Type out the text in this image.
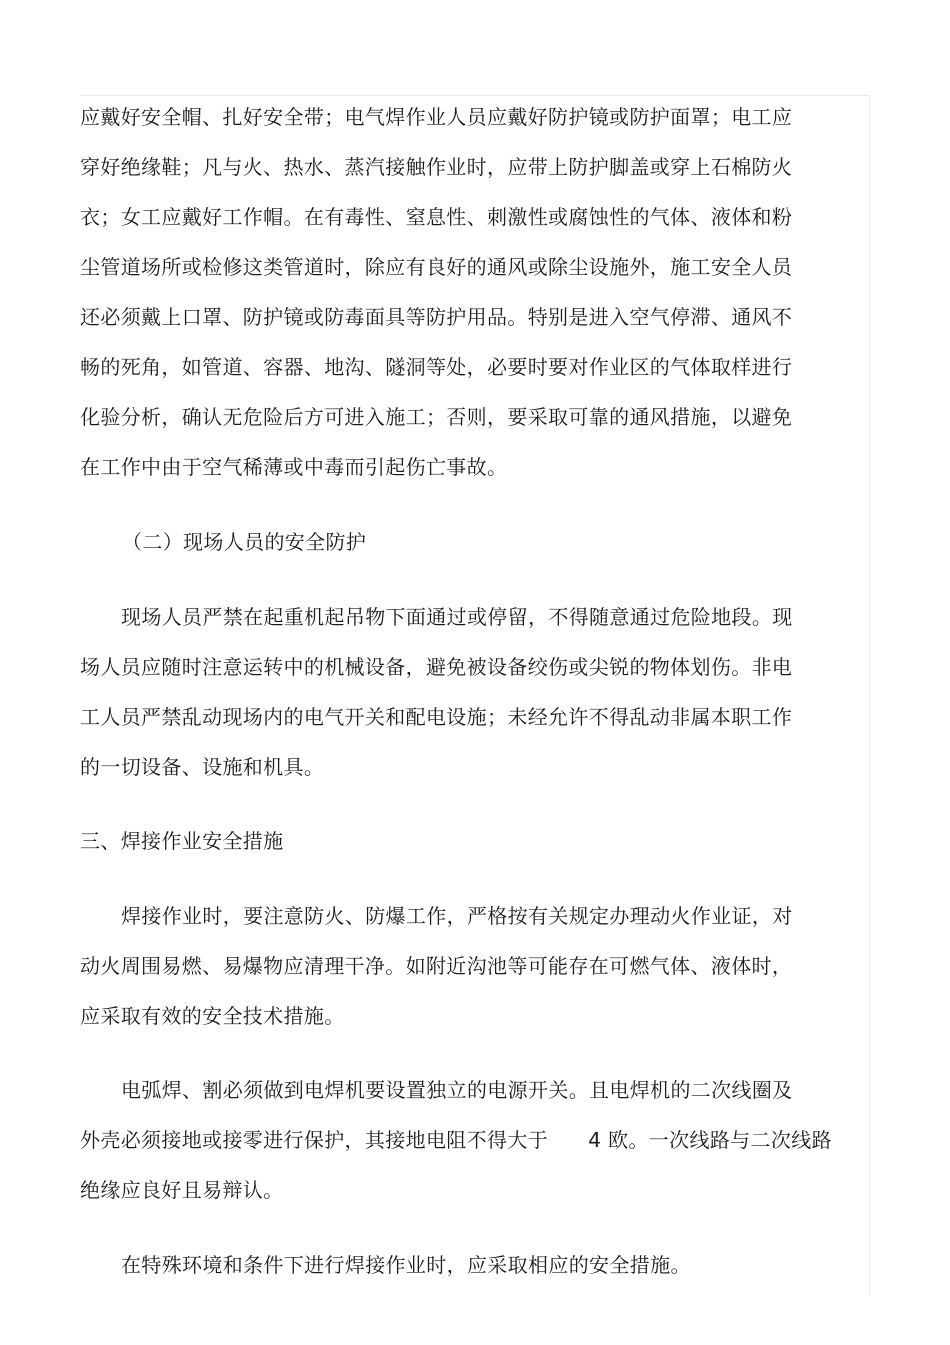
应戴好安全帽、扎好安全带；电气焊作业人员应戴好防护镜或防护面罩；电工应
穿好绝缘鞋；凡与火、热水、蒸汽接触作业时，应带上防护脚盖或穿上石棉防火
衣；女工应戴好工作帽。在有毒性、窒息性、刺激性或腐蚀性的气体、液体和粉
尘管道场所或检修这类管道时，除应有良好的通风或除尘设施外，施工安全人员
还必须戴上口罩、防护镜或防毒面具等防护用品。特别是进入空气停滞、通风不
畅的死角，如管道、容器、地沟、隧洞等处，必要时要对作业区的气体取样进行
化验分析，确认无危险后方可进入施工；否则，要采取可靠的通风措施，以避免
在工作中由于空气稀薄或中毒而引起伤亡事故。
（二）现场人员的安全防护
现场人员严禁在起重机起吊物下面通过或停留，不得随意通过危险地段。现
场人员应随时注意运转中的机械设备，避免被设备绞伤或尖锐的物体划伤。非电
工人员严禁乱动现场内的电气开关和配电设施；未经允许不得乱动非属本职工作
的一切设备、设施和机具。
三、焊接作业安全措施
焊接作业时，要注意防火、防爆工作，严格按有关规定办理动火作业证，对
动火周围易燃、易爆物应清理干净。如附近沟池等可能存在可燃气体、液体时，
应采取有效的安全技术措施。
电弧焊、割必须做到电焊机要设置独立的电源开关。且电焊机的二次线圈及
外壳必须接地或接零进行保护，其接地电阻不得大于      4 欧。一次线路与二次线路
绝缘应良好且易辩认。
在特殊环境和条件下进行焊接作业时，应采取相应的安全措施。
